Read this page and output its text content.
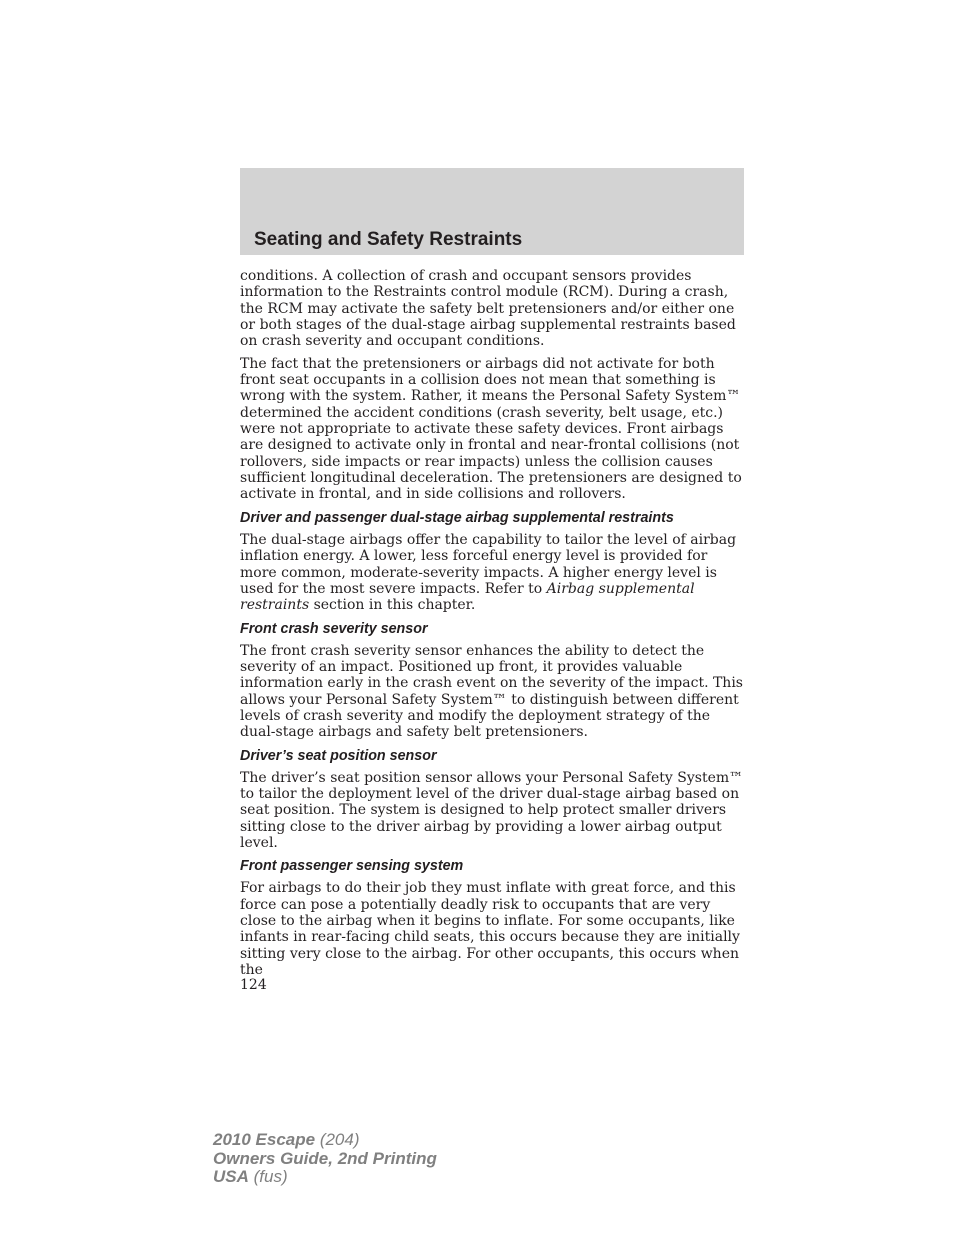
Seating and Safety Restraints

conditions. A collection of crash and occupant sensors provides information to the Restraints control module (RCM). During a crash, the RCM may activate the safety belt pretensioners and/or either one or both stages of the dual-stage airbag supplemental restraints based on crash severity and occupant conditions.

The fact that the pretensioners or airbags did not activate for both front seat occupants in a collision does not mean that something is wrong with the system. Rather, it means the Personal Safety System™ determined the accident conditions (crash severity, belt usage, etc.) were not appropriate to activate these safety devices. Front airbags are designed to activate only in frontal and near-frontal collisions (not rollovers, side impacts or rear impacts) unless the collision causes sufficient longitudinal deceleration. The pretensioners are designed to activate in frontal, and in side collisions and rollovers.

Driver and passenger dual-stage airbag supplemental restraints

The dual-stage airbags offer the capability to tailor the level of airbag inflation energy. A lower, less forceful energy level is provided for more common, moderate-severity impacts. A higher energy level is used for the most severe impacts. Refer to Airbag supplemental restraints section in this chapter.

Front crash severity sensor

The front crash severity sensor enhances the ability to detect the severity of an impact. Positioned up front, it provides valuable information early in the crash event on the severity of the impact. This allows your Personal Safety System™ to distinguish between different levels of crash severity and modify the deployment strategy of the dual-stage airbags and safety belt pretensioners.

Driver’s seat position sensor

The driver’s seat position sensor allows your Personal Safety System™ to tailor the deployment level of the driver dual-stage airbag based on seat position. The system is designed to help protect smaller drivers sitting close to the driver airbag by providing a lower airbag output level.

Front passenger sensing system

For airbags to do their job they must inflate with great force, and this force can pose a potentially deadly risk to occupants that are very close to the airbag when it begins to inflate. For some occupants, like infants in rear-facing child seats, this occurs because they are initially sitting very close to the airbag. For other occupants, this occurs when the

124
2010 Escape (204)
Owners Guide, 2nd Printing
USA (fus)
